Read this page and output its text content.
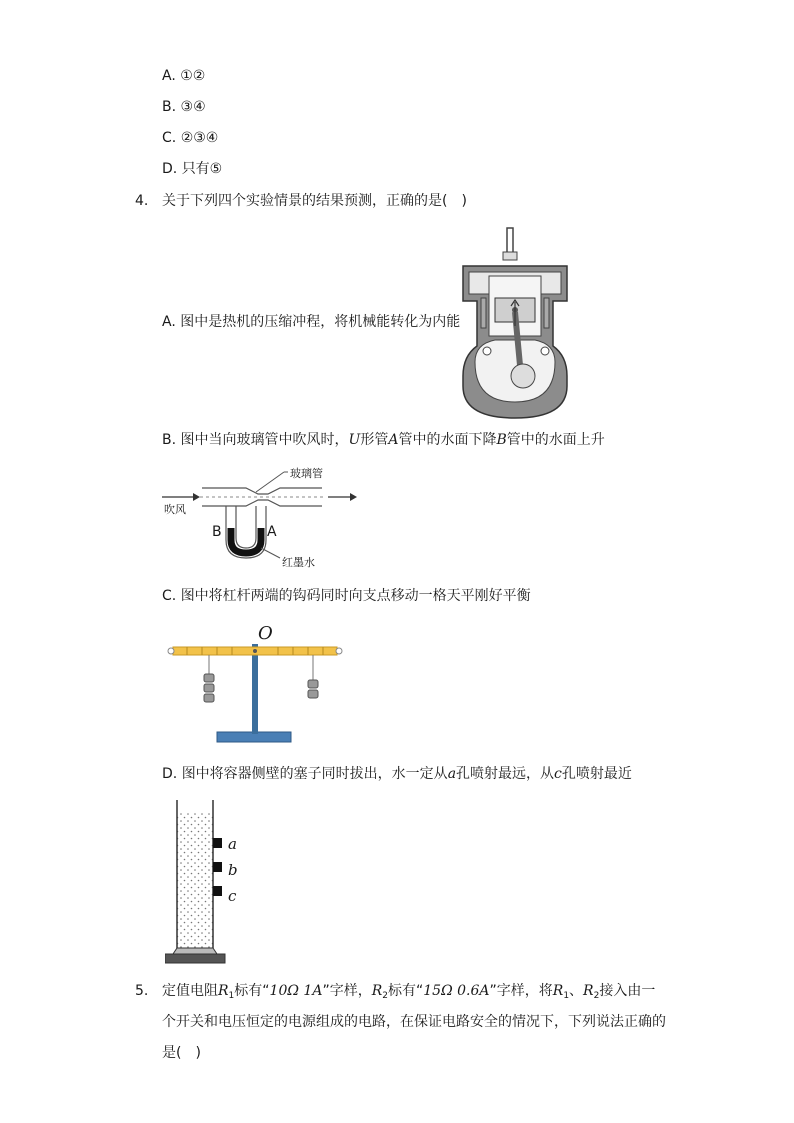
A. ①②
B. ③④
C. ②③④
D. 只有⑤
4. 关于下列四个实验情景的结果预测，正确的是(　)
A. 图中是热机的压缩冲程，将机械能转化为内能
B. 图中当向玻璃管中吹风时，U形管A管中的水面下降B管中的水面上升
玻璃管
吹风
B	A
红墨水
C. 图中将杠杆两端的钩码同时向支点移动一格天平刚好平衡
O
D. 图中将容器侧壁的塞子同时拔出，水一定从a孔喷射最远，从c孔喷射最近
a
b
c
5. 定值电阻$R_1$标有“10Ω 1A”字样，$R_2$标有“15Ω 0.6A”字样，将$R_1$、$R_2$接入由一
个开关和电压恒定的电源组成的电路，在保证电路安全的情况下，下列说法正确的
是(　)
